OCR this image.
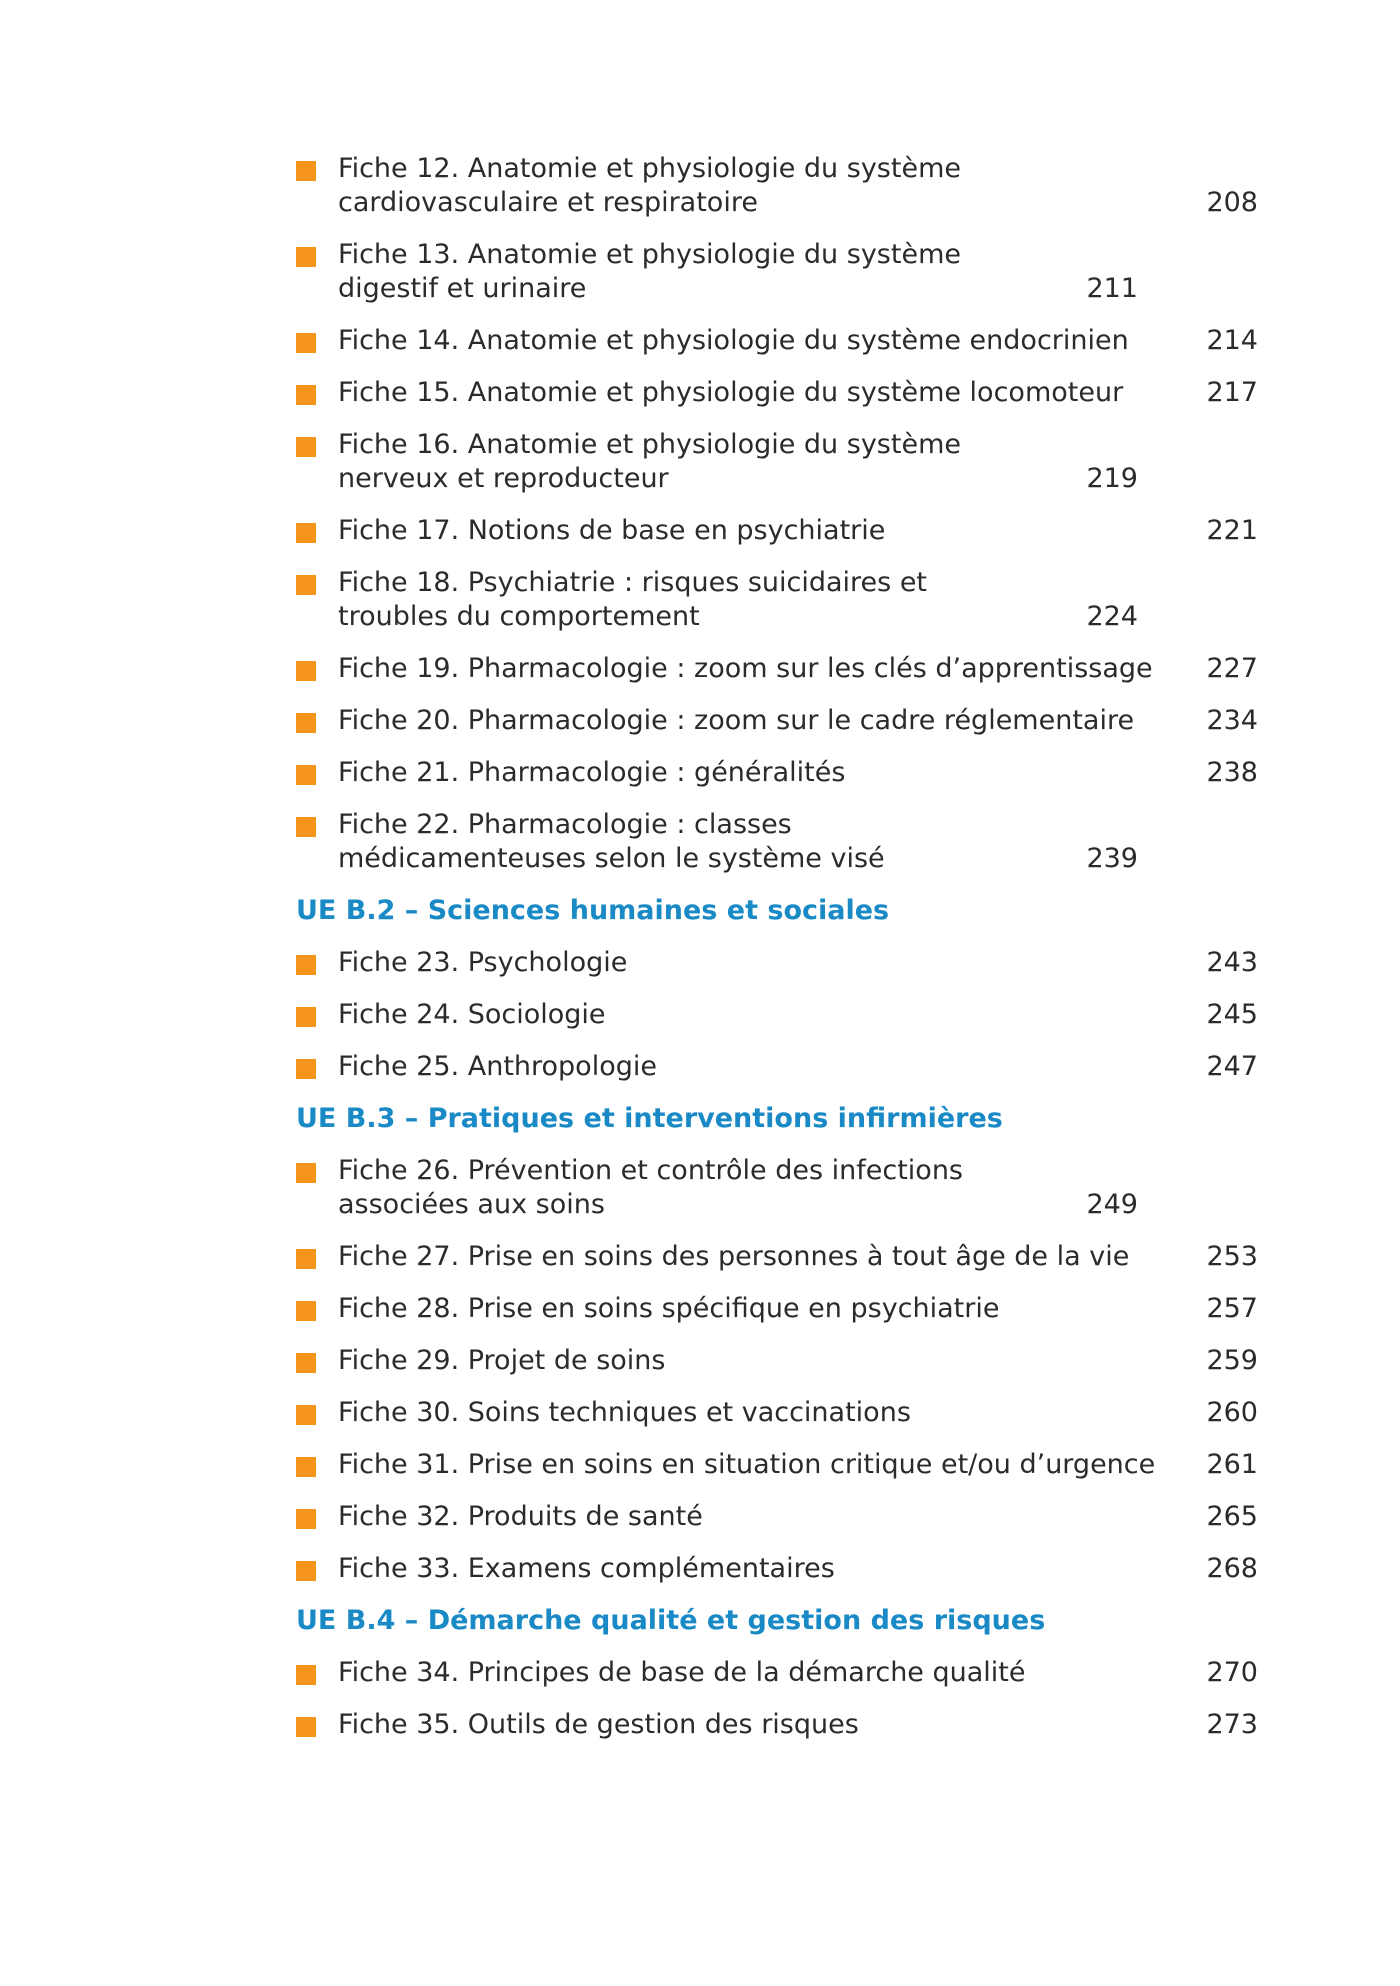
Fiche 12. Anatomie et physiologie du système cardiovasculaire et respiratoire	208
Fiche 13. Anatomie et physiologie du système digestif et urinaire	211
Fiche 14. Anatomie et physiologie du système endocrinien	214
Fiche 15. Anatomie et physiologie du système locomoteur	217
Fiche 16. Anatomie et physiologie du système nerveux et reproducteur	219
Fiche 17. Notions de base en psychiatrie	221
Fiche 18. Psychiatrie : risques suicidaires et troubles du comportement	224
Fiche 19. Pharmacologie : zoom sur les clés d’apprentissage	227
Fiche 20. Pharmacologie : zoom sur le cadre réglementaire	234
Fiche 21. Pharmacologie : généralités	238
Fiche 22. Pharmacologie : classes médicamenteuses selon le système visé	239
UE B.2 – Sciences humaines et sociales
Fiche 23. Psychologie	243
Fiche 24. Sociologie	245
Fiche 25. Anthropologie	247
UE B.3 – Pratiques et interventions infirmières
Fiche 26. Prévention et contrôle des infections associées aux soins	249
Fiche 27. Prise en soins des personnes à tout âge de la vie	253
Fiche 28. Prise en soins spécifique en psychiatrie	257
Fiche 29. Projet de soins	259
Fiche 30. Soins techniques et vaccinations	260
Fiche 31. Prise en soins en situation critique et/ou d’urgence	261
Fiche 32. Produits de santé	265
Fiche 33. Examens complémentaires	268
UE B.4 – Démarche qualité et gestion des risques
Fiche 34. Principes de base de la démarche qualité	270
Fiche 35. Outils de gestion des risques	273
